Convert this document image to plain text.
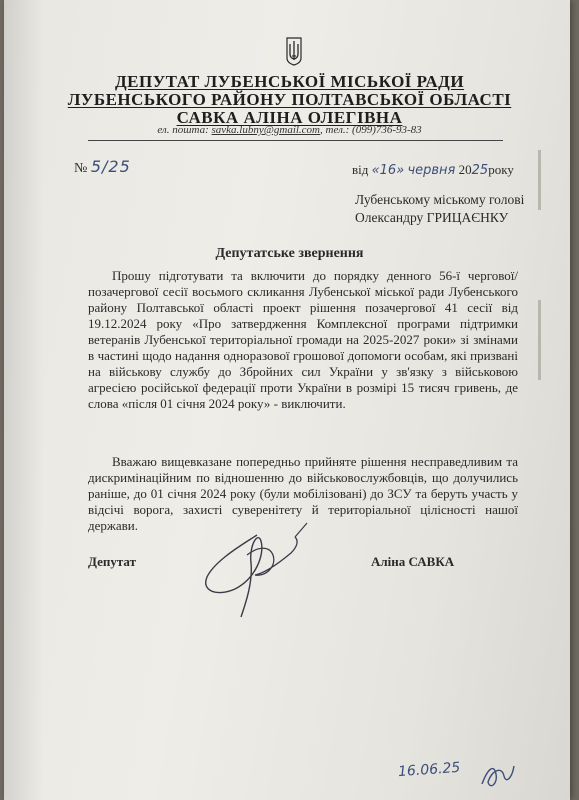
ДЕПУТАТ ЛУБЕНСЬКОЇ МІСЬКОЇ РАДИ
ЛУБЕНСЬКОГО РАЙОНУ ПОЛТАВСЬКОЇ ОБЛАСТІ
САВКА АЛІНА ОЛЕГІВНА
ел. пошта: savka.lubny@gmail.com, тел.: (099)736-93-83
№ 5/25	від «16» червня 2025року
Лубенському міському голові
Олександру ГРИЦАЄНКУ
Депутатське звернення
Прошу підготувати та включити до порядку денного 56-ї чергової/позачергової сесії восьмого скликання Лубенської міської ради Лубенського району Полтавської області проект рішення позачергової 41 сесії від 19.12.2024 року «Про затвердження Комплексної програми підтримки ветеранів Лубенської територіальної громади на 2025-2027 роки» зі змінами в частині щодо надання одноразової грошової допомоги особам, які призвані на військову службу до Збройних сил України у зв'язку з військовою агресією російської федерації проти України в розмірі 15 тисяч гривень, де слова «після 01 січня 2024 року» - виключити.
Вважаю вищевказане попередньо прийняте рішення несправедливим та дискримінаційним по відношенню до військовослужбовців, що долучились раніше, до 01 січня 2024 року (були мобілізовані) до ЗСУ та беруть участь у відсічі ворога, захисті суверенітету й територіальної цілісності нашої держави.
Депутат	Аліна САВКА
16.06.25
